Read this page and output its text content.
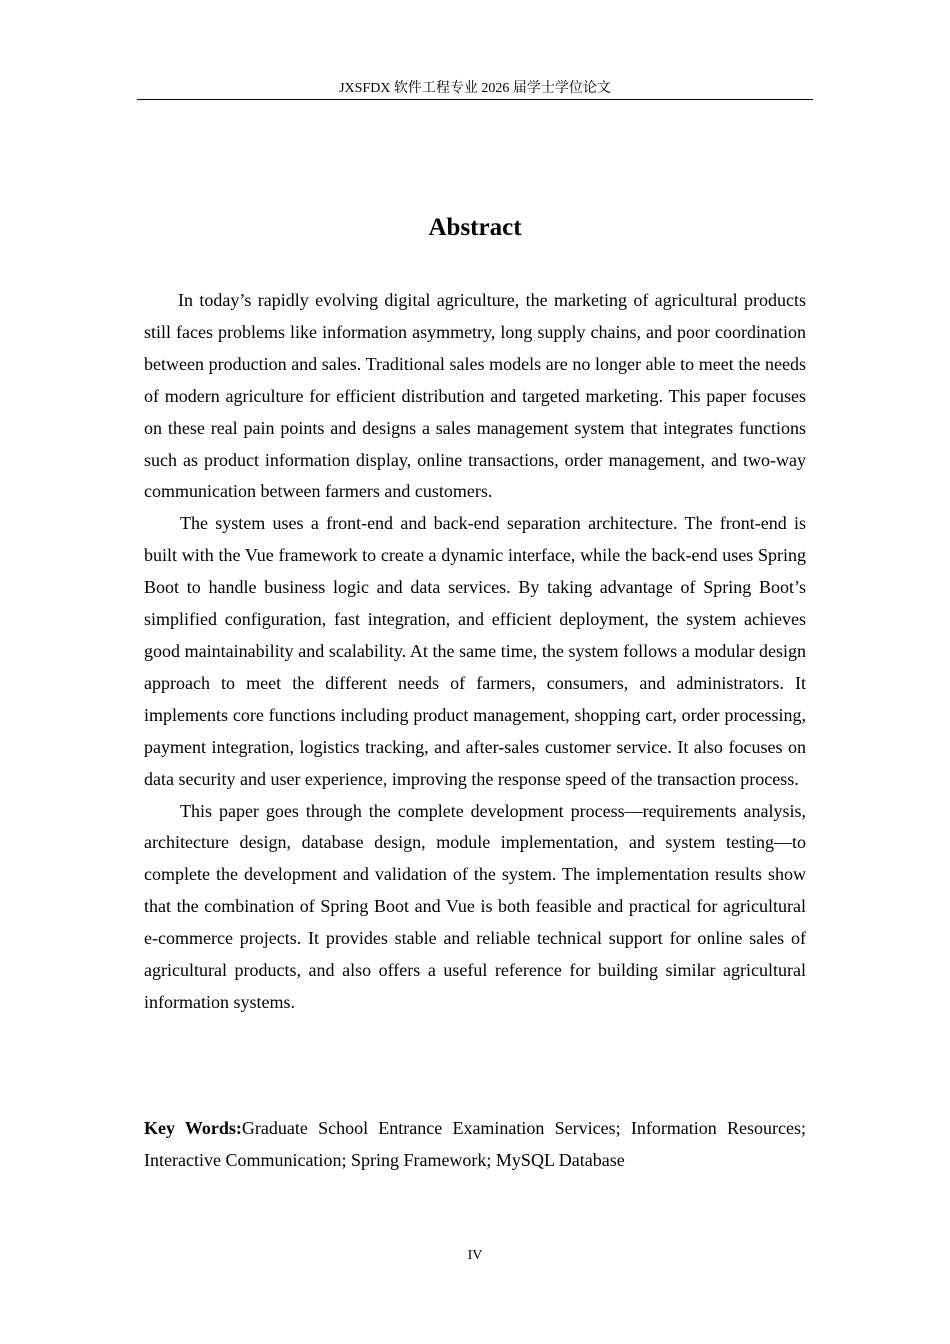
JXSFDX 软件工程专业 2026 届学士学位论文
Abstract

In today’s rapidly evolving digital agriculture, the marketing of agricultural products still faces problems like information asymmetry, long supply chains, and poor coordination between production and sales. Traditional sales models are no longer able to meet the needs of modern agriculture for efficient distribution and targeted marketing. This paper focuses on these real pain points and designs a sales management system that integrates functions such as product information display, online transactions, order management, and two-way communication between farmers and customers.

The system uses a front-end and back-end separation architecture. The front-end is built with the Vue framework to create a dynamic interface, while the back-end uses Spring Boot to handle business logic and data services. By taking advantage of Spring Boot’s simplified configuration, fast integration, and efficient deployment, the system achieves good maintainability and scalability. At the same time, the system follows a modular design approach to meet the different needs of farmers, consumers, and administrators. It implements core functions including product management, shopping cart, order processing, payment integration, logistics tracking, and after-sales customer service. It also focuses on data security and user experience, improving the response speed of the transaction process.

This paper goes through the complete development process—requirements analysis, architecture design, database design, module implementation, and system testing—to complete the development and validation of the system. The implementation results show that the combination of Spring Boot and Vue is both feasible and practical for agricultural e-commerce projects. It provides stable and reliable technical support for online sales of agricultural products, and also offers a useful reference for building similar agricultural information systems.

Key Words:Graduate School Entrance Examination Services; Information Resources; Interactive Communication; Spring Framework; MySQL Database

IV
